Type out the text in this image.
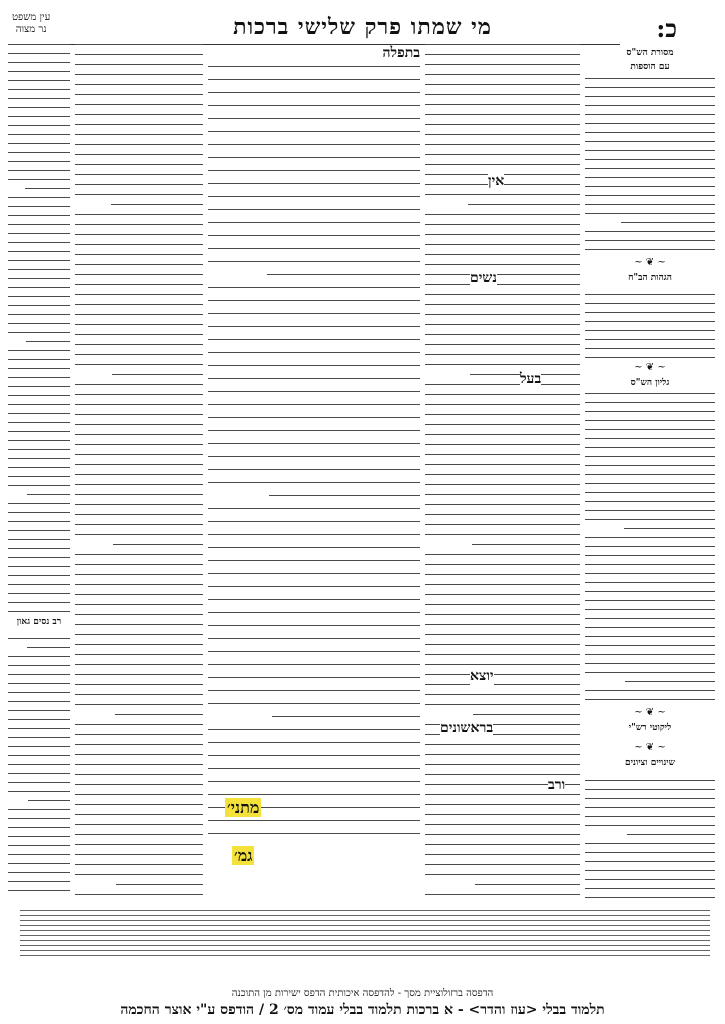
כ:
מי שמתו פרק שלישי ברכות
עין משפט
נר מצוה
מסורת הש"ס
עם הוספות
בתפלה
~ ❦ ~
הגהות הב"ח
~ ❦ ~
גליון הש"ס
~ ❦ ~
ליקוטי רש"י
~ ❦ ~
שינויים וציונים
רב נסים גאון
מתני׳
גמ׳
אין
נשים
בעל
יוצא
בראשונים
ורב
הדפסה ברזולוציית מסך - להדפסה איכותית הדפס ישירות מן התוכנה
תלמוד בבלי <עוז והדר> - א ברכות תלמוד בבלי עמוד מס׳ 2 / הודפס ע"י אוצר החכמה
